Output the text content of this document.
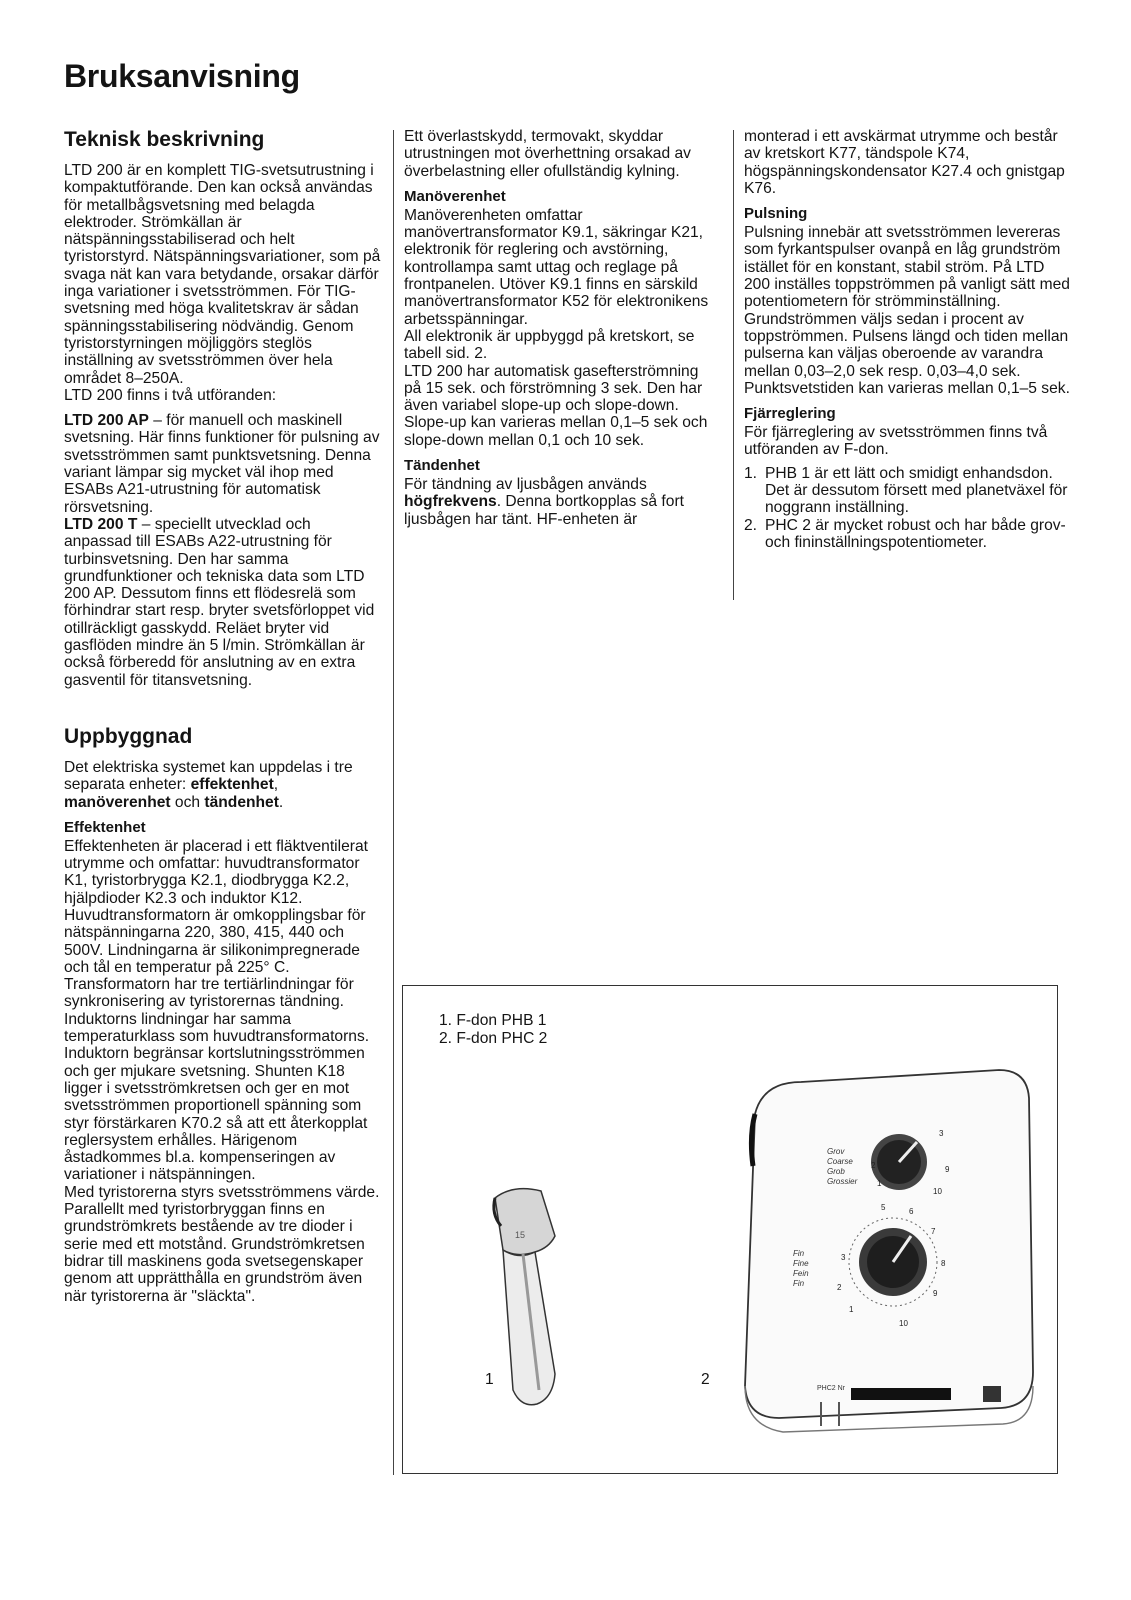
Bruksanvisning
Teknisk beskrivning

LTD 200 är en komplett TIG-svetsutrustning i kompaktutförande. Den kan också användas för metallbågsvetsning med belagda elektroder. Strömkällan är nätspänningsstabiliserad och helt tyristorstyrd. Nätspänningsvariationer, som på svaga nät kan vara betydande, orsakar därför inga variationer i svetsströmmen. För TIG-svetsning med höga kvalitetskrav är sådan spänningsstabilisering nödvändig. Genom tyristorstyrningen möjliggörs steglös inställning av svetsströmmen över hela området 8–250A.

LTD 200 finns i två utföranden:

LTD 200 AP – för manuell och maskinell svetsning. Här finns funktioner för pulsning av svetsströmmen samt punktsvetsning. Denna variant lämpar sig mycket väl ihop med ESABs A21-utrustning för automatisk rörsvetsning.

LTD 200 T – speciellt utvecklad och anpassad till ESABs A22-utrustning för turbinsvetsning. Den har samma grundfunktioner och tekniska data som LTD 200 AP. Dessutom finns ett flödesrelä som förhindrar start resp. bryter svetsförloppet vid otillräckligt gasskydd. Reläet bryter vid gasflöden mindre än 5 l/min. Strömkällan är också förberedd för anslutning av en extra gasventil för titansvetsning.

Uppbyggnad

Det elektriska systemet kan uppdelas i tre separata enheter: effektenhet, manöverenhet och tändenhet.

Effektenhet

Effektenheten är placerad i ett fläktventilerat utrymme och omfattar: huvudtransformator K1, tyristorbrygga K2.1, diodbrygga K2.2, hjälpdioder K2.3 och induktor K12.

Huvudtransformatorn är omkopplingsbar för nätspänningarna 220, 380, 415, 440 och 500V. Lindningarna är silikonimpregnerade och tål en temperatur på 225° C. Transformatorn har tre tertiärlindningar för synkronisering av tyristorernas tändning.

Induktorns lindningar har samma temperaturklass som huvudtransformatorns. Induktorn begränsar kortslutningsströmmen och ger mjukare svetsning. Shunten K18 ligger i svetsströmkretsen och ger en mot svetsströmmen proportionell spänning som styr förstärkaren K70.2 så att ett återkopplat reglersystem erhålles. Härigenom åstadkommes bl.a. kompenseringen av variationer i nätspänningen.

Med tyristorerna styrs svetsströmmens värde. Parallellt med tyristorbryggan finns en grundströmkrets bestående av tre dioder i serie med ett motstånd. Grundströmkretsen bidrar till maskinens goda svetsegenskaper genom att upprätthålla en grundström även när tyristorerna är "släckta".

Ett överlastskydd, termovakt, skyddar utrustningen mot överhettning orsakad av överbelastning eller ofullständig kylning.

Manöverenhet

Manöverenheten omfattar manövertransformator K9.1, säkringar K21, elektronik för reglering och avstörning, kontrollampa samt uttag och reglage på frontpanelen. Utöver K9.1 finns en särskild manövertransformator K52 för elektronikens arbetsspänningar.

All elektronik är uppbyggd på kretskort, se tabell sid. 2.

LTD 200 har automatisk gasefterströmning på 15 sek. och förströmning 3 sek. Den har även variabel slope-up och slope-down. Slope-up kan varieras mellan 0,1–5 sek och slope-down mellan 0,1 och 10 sek.

Tändenhet

För tändning av ljusbågen används högfrekvens. Denna bortkopplas så fort ljusbågen har tänt. HF-enheten är

monterad i ett avskärmat utrymme och består av kretskort K77, tändspole K74, högspänningskondensator K27.4 och gnistgap K76.

Pulsning

Pulsning innebär att svetsströmmen levereras som fyrkantspulser ovanpå en låg grundström istället för en konstant, stabil ström. På LTD 200 inställes toppströmmen på vanligt sätt med potentiometern för strömminställning. Grundströmmen väljs sedan i procent av toppströmmen. Pulsens längd och tiden mellan pulserna kan väljas oberoende av varandra mellan 0,03–2,0 sek resp. 0,03–4,0 sek. Punktsvetstiden kan varieras mellan 0,1–5 sek.

Fjärreglering

För fjärreglering av svetsströmmen finns två utföranden av F-don.

1. PHB 1 är ett lätt och smidigt enhandsdon. Det är dessutom försett med planetväxel för noggrann inställning.
2. PHC 2 är mycket robust och har både grov- och fininställningspotentiometer.
1. F-don PHB 1
2. F-don PHC 2
15
PHC2 Nr
Grov
Coarse
Grob
Grossier
Fin
Fine
Fein
Fin
1
2
3
9
10
1
2
3
5	6
7
8
9
10
1	2
